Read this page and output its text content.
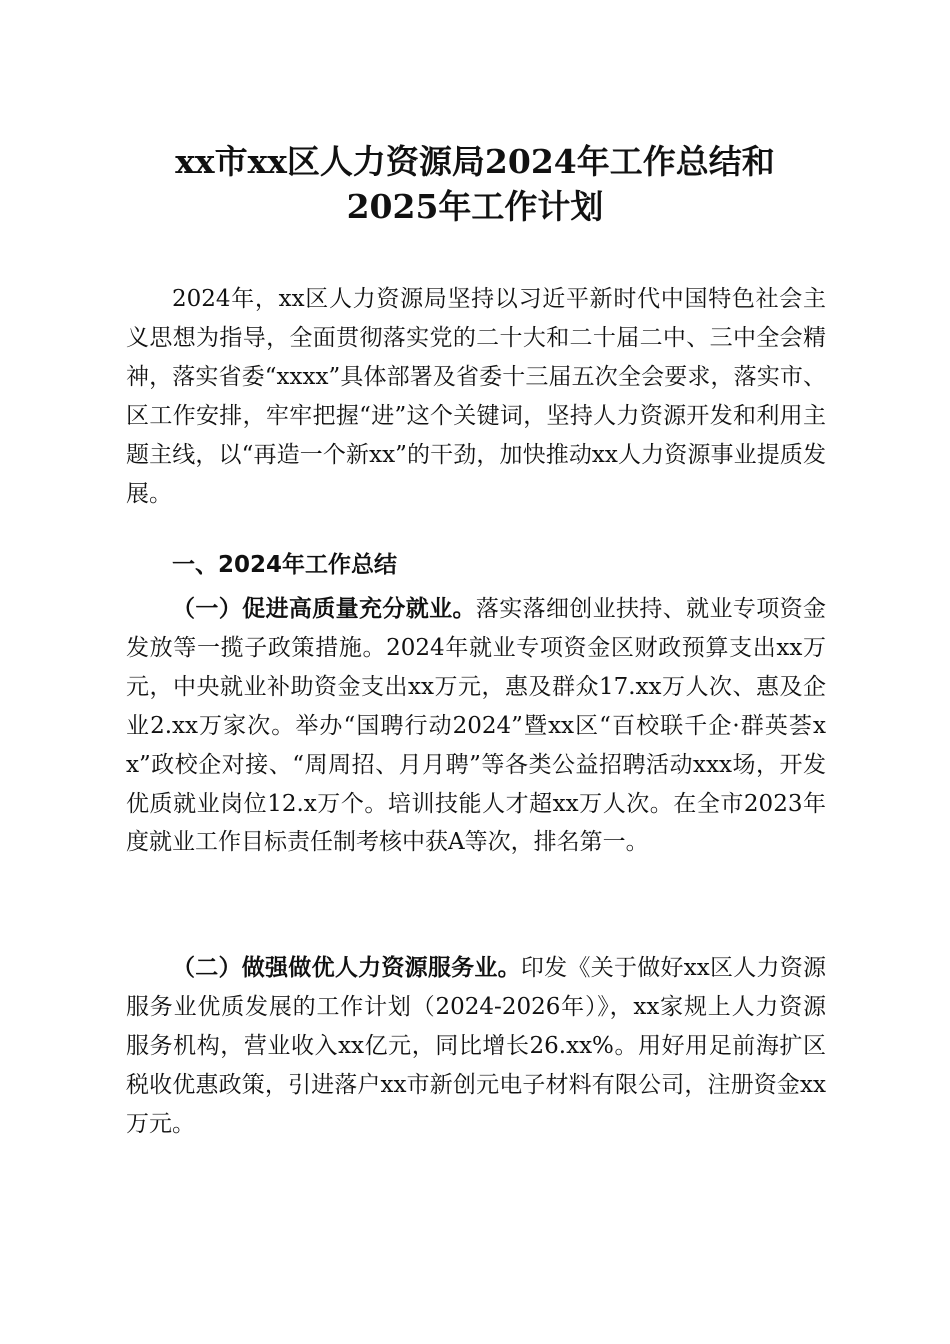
xx市xx区人力资源局2024年工作总结和
2025年工作计划

2024年，xx区人力资源局坚持以习近平新时代中国特色社会主义思想为指导，全面贯彻落实党的二十大和二十届二中、三中全会精神，落实省委“xxxx”具体部署及省委十三届五次全会要求，落实市、区工作安排，牢牢把握“进”这个关键词，坚持人力资源开发和利用主题主线，以“再造一个新xx”的干劲，加快推动xx人力资源事业提质发展。

一、2024年工作总结

（一）促进高质量充分就业。落实落细创业扶持、就业专项资金发放等一揽子政策措施。2024年就业专项资金区财政预算支出xx万元，中央就业补助资金支出xx万元，惠及群众17.xx万人次、惠及企业2.xx万家次。举办“国聘行动2024”暨xx区“百校联千企·群英荟xx”政校企对接、“周周招、月月聘”等各类公益招聘活动xxx场，开发优质就业岗位12.x万个。培训技能人才超xx万人次。在全市2023年度就业工作目标责任制考核中获A等次，排名第一。

（二）做强做优人力资源服务业。印发《关于做好xx区人力资源服务业优质发展的工作计划（2024-2026年）》，xx家规上人力资源服务机构，营业收入xx亿元，同比增长26.xx%。用好用足前海扩区税收优惠政策，引进落户xx市新创元电子材料有限公司，注册资金xx万元。
